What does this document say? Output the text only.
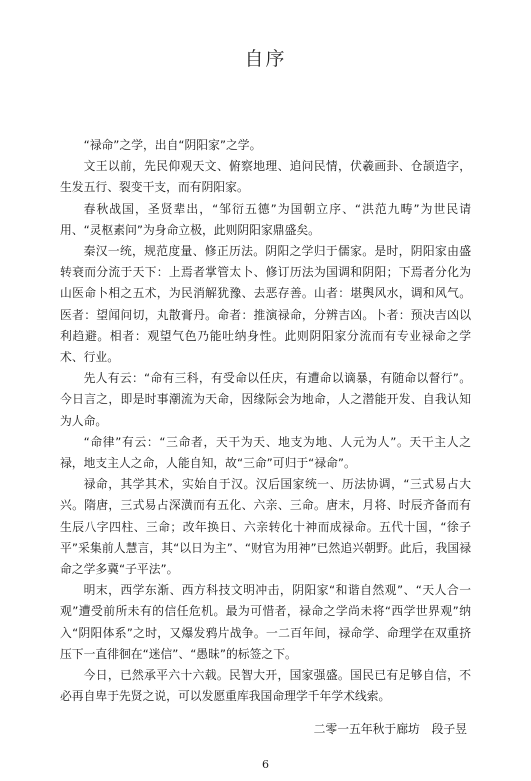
自序

“禄命”之学，出自“阴阳家”之学。

文王以前，先民仰观天文、俯察地理、追问民情，伏羲画卦、仓颉造字，生发五行、裂变干支，而有阴阳家。

春秋战国，圣贤辈出，“邹衍五德”为国朝立序、“洪范九畴”为世民请用、“灵枢素问”为身命立极，此则阴阳家鼎盛矣。

秦汉一统，规范度量、修正历法。阴阳之学归于儒家。是时，阴阳家由盛转衰而分流于天下：上焉者掌管太卜、修订历法为国调和阴阳；下焉者分化为山医命卜相之五术，为民消解犹豫、去恶存善。山者：堪舆风水，调和风气。医者：望闻问切，丸散膏丹。命者：推演禄命，分辨吉凶。卜者：预决吉凶以利趋避。相者：观望气色乃能吐纳身性。此则阴阳家分流而有专业禄命之学术、行业。

先人有云：“命有三科，有受命以任庆，有遭命以谪暴，有随命以督行”。今日言之，即是时事潮流为天命，因缘际会为地命，人之潜能开发、自我认知为人命。

“命律”有云：“三命者，天干为天、地支为地、人元为人”。天干主人之禄，地支主人之命，人能自知，故“三命”可归于“禄命”。

禄命，其学其术，实始自于汉。汉后国家统一、历法协调，“三式易占大兴。隋唐，三式易占深潢而有五化、六亲、三命。唐末，月将、时辰齐备而有生辰八字四柱、三命；改年换日、六亲转化十神而成禄命。五代十国，“徐子平”采集前人慧言，其“以日为主”、“财官为用神”已然追兴朝野。此后，我国禄命之学多冀“子平法”。

明末，西学东渐、西方科技文明冲击，阴阳家“和谐自然观”、“天人合一观”遭受前所未有的信任危机。最为可惜者，禄命之学尚未将“西学世界观”纳入“阴阳体系”之时，又爆发鸦片战争。一二百年间，禄命学、命理学在双重挤压下一直徘徊在“迷信”、“愚昧”的标签之下。

今日，已然承平六十六载。民智大开，国家强盛。国民已有足够自信，不必再自卑于先贤之说，可以发愿重库我国命理学千年学术线索。

二零一五年秋于廊坊　段子昱
6
